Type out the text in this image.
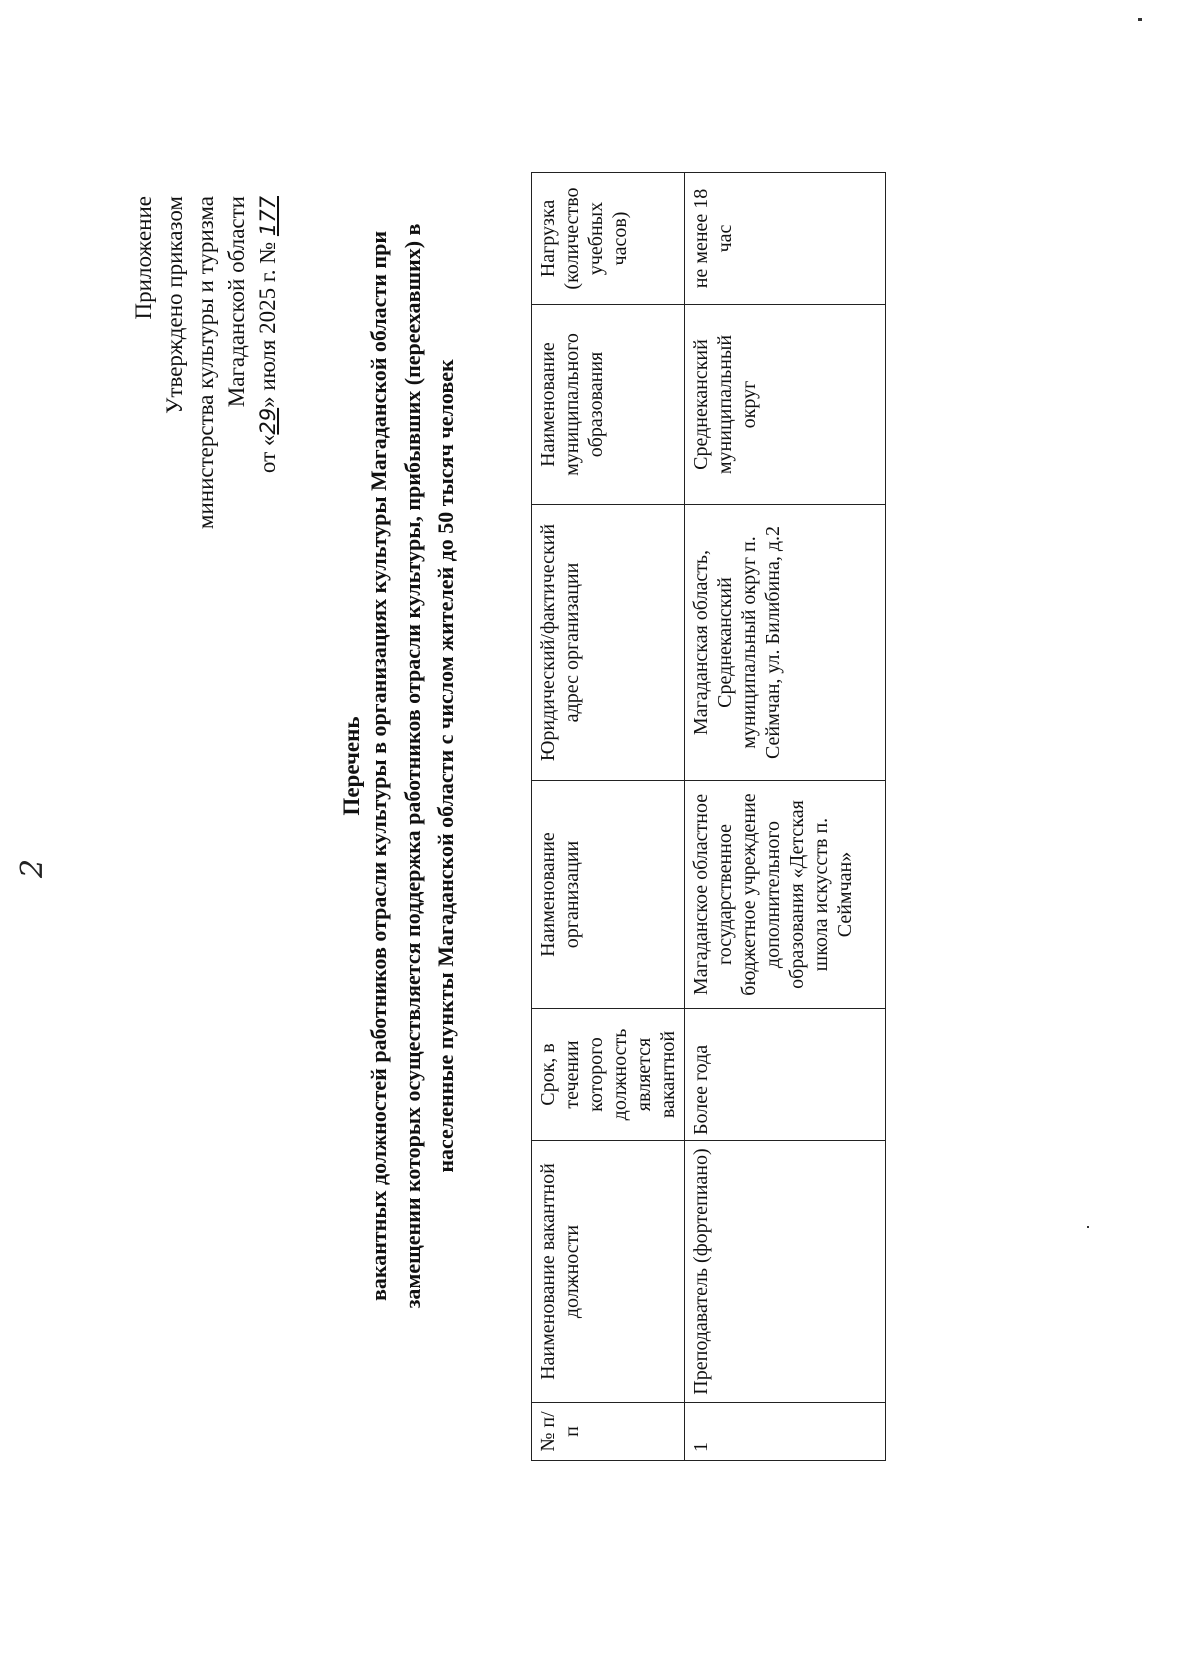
2
Приложение Утверждено приказом министерства культуры и туризма Магаданской области
от «29» июля 2025 г. № 177
Перечень вакантных должностей работников отрасли культуры в организациях культуры Магаданской области при замещении которых осуществляется поддержка работников отрасли культуры, прибывших (переехавших) в населенные пункты Магаданской области с числом жителей до 50 тысяч человек
№ п/п	Наименование вакантной должности	Срок, в течении которого должность является вакантной	Наименование организации	Юридический/фактический адрес организации	Наименование муниципального образования	Нагрузка (количество учебных часов)
1	Преподаватель (фортепиано)	Более года	Магаданское областное государственное бюджетное учреждение дополнительного образования «Детская школа искусств п. Сеймчан»	Магаданская область, Среднеканский муниципальный округ п. Сеймчан, ул. Билибина, д.2	Среднеканский муниципальный округ	не менее 18 час
